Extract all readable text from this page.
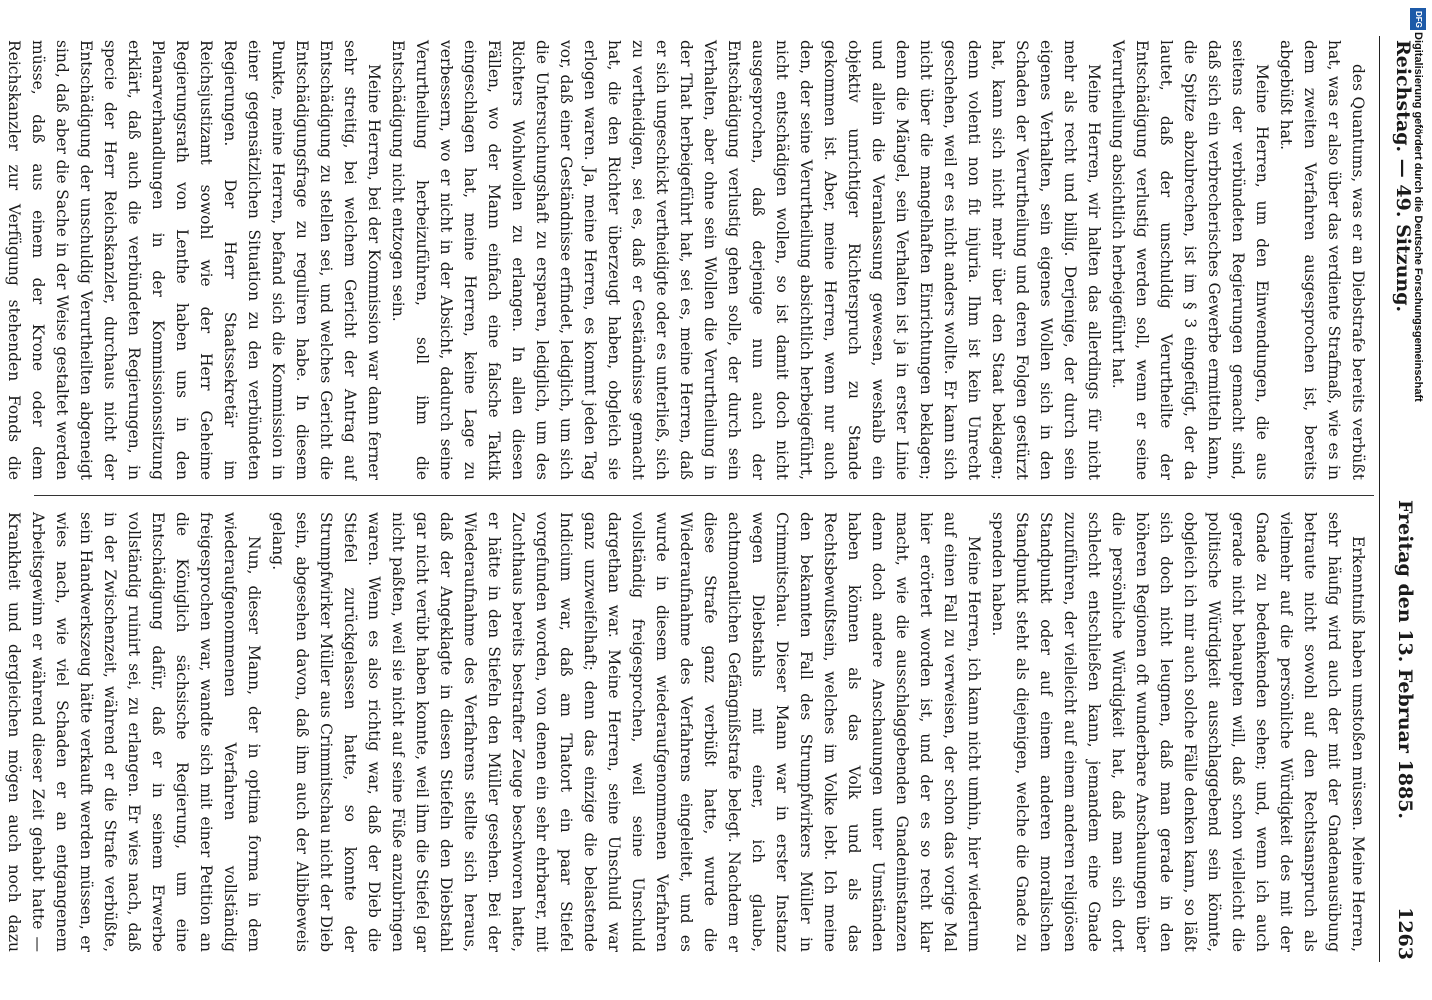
Reichstag. — 49. Sitzung.
Freitag den 13. Februar 1885.
1263

des Quantums, was er an Diebstrafe bereits verbüßt hat, was er also über das verdiente Strafmaß, wie es in dem zweiten Verfahren ausgesprochen ist, bereits abgebüßt hat.

Meine Herren, um den Einwendungen, die aus seitens der verbündeten Regierungen gemacht sind, daß sich ein verbrecherisches Gewerbe ermitteln kann, die Spitze abzubrechen, ist im § 3 eingefügt, der da lautet, daß der unschuldig Verurtheilte der Entschädigung verlustig werden soll, wenn er seine Verurtheilung absichtlich herbeigeführt hat.

Meine Herren, wir halten das allerdings für nicht mehr als recht und billig. Derjenige, der durch sein eigenes Verhalten, sein eigenes Wollen sich in den Schaden der Verurtheilung und deren Folgen gestürzt hat, kann sich nicht mehr über den Staat beklagen; denn volenti non fit injuria. Ihm ist kein Unrecht geschehen, weil er es nicht anders wollte. Er kann sich nicht über die mangelhaften Einrichtungen beklagen; denn die Mängel, sein Verhalten ist ja in erster Linie und allein die Veranlassung gewesen, weshalb ein objektiv unrichtiger Richterspruch zu Stande gekommen ist. Aber, meine Herren, wenn nur auch den, der seine Verurtheilung absichtlich herbeigeführt, nicht entschädigen wollen, so ist damit doch nicht ausgesprochen, daß derjenige nun auch der Entschädigung verlustig gehen solle, der durch sein Verhalten, aber ohne sein Wollen die Verurtheilung in der That herbeigeführt hat, sei es, meine Herren, daß er sich ungeschickt vertheidigte oder es unterließ, sich zu vertheidigen, sei es, daß er Geständnisse gemacht hat, die den Richter überzeugt haben, obgleich sie erlogen waren. Ja, meine Herren, es kommt jeden Tag vor, daß einer Geständnisse erfindet, lediglich, um sich die Untersuchungshaft zu ersparen, lediglich, um des Richters Wohlwollen zu erlangen. In allen diesen Fällen, wo der Mann einfach eine falsche Taktik eingeschlagen hat, meine Herren, keine Lage zu verbessern, wo er nicht in der Absicht, dadurch seine Verurtheilung herbeizuführen, soll ihm die Entschädigung nicht entzogen sein.

Meine Herren, bei der Kommission war dann ferner sehr streitig, bei welchem Gericht der Antrag auf Entschädigung zu stellen sei, und welches Gericht die Entschädigungsfrage zu reguliren habe. In diesem Punkte, meine Herren, befand sich die Kommission in einer gegensätzlichen Situation zu den verbündeten Regierungen. Der Herr Staatssekretär im Reichsjustizamt sowohl wie der Herr Geheime Regierungsrath von Lenthe haben uns in den Plenarverhandlungen in der Kommissionssitzung erklärt, daß auch die verbündeten Regierungen, in specie der Herr Reichskanzler, durchaus nicht der Entschädigung der unschuldig Verurtheilten abgeneigt sind, daß aber die Sache in der Weise gestaltet werden müsse, daß aus einem der Krone oder dem Reichskanzler zur Verfügung stehenden Fonds die

Erkenntniß haben umstoßen müssen. Meine Herren, sehr häufig wird auch der mit der Gnadenausübung betraute nicht sowohl auf den Rechtsanspruch als vielmehr auf die persönliche Würdigkeit des mit der Gnade zu bedenkenden sehen; und, wenn ich auch gerade nicht behaupten will, daß schon vielleicht die politische Würdigkeit ausschlaggebend sein könnte, obgleich ich mir auch solche Fälle denken kann, so läßt sich doch nicht leugnen, daß man gerade in den höheren Regionen oft wunderbare Anschauungen über die persönliche Würdigkeit hat, daß man sich dort schlecht entschließen kann, jemandem eine Gnade zuzuführen, der vielleicht auf einem anderen religiösen Standpunkt oder auf einem anderen moralischen Standpunkt steht als diejenigen, welche die Gnade zu spenden haben.

Meine Herren, ich kann nicht umhin, hier wiederum auf einen Fall zu verweisen, der schon das vorige Mal hier erörtert worden ist, und der es so recht klar macht, wie die ausschlaggebenden Gnadeninstanzen denn doch andere Anschauungen unter Umständen haben können als das Volk und als das Rechtsbewußtsein, welches im Volke lebt. Ich meine den bekannten Fall des Strumpfwirkers Müller in Crimmitschau. Dieser Mann war in erster Instanz wegen Diebstahls mit einer, ich glaube, achtmonatlichen Gefängnißstrafe belegt. Nachdem er diese Strafe ganz verbüßt hatte, wurde die Wiederaufnahme des Verfahrens eingeleitet, und es wurde in diesem wiederaufgenommenen Verfahren vollständig freigesprochen, weil seine Unschuld dargethan war. Meine Herren, seine Unschuld war ganz unzweifelhaft; denn das einzige die belastende Indicium war, daß am Thatort ein paar Stiefel vorgefunden worden, von denen ein sehr ehrbarer, mit Zuchthaus bereits bestrafter Zeuge beschworen hatte, er hätte in den Stiefeln den Müller gesehen. Bei der Wiederaufnahme des Verfahrens stellte sich heraus, daß der Angeklagte in diesen Stiefeln den Diebstahl gar nicht verübt haben konnte, weil ihm die Stiefel gar nicht paßten, weil sie nicht auf seine Füße anzubringen waren. Wenn es also richtig war, daß der Dieb die Stiefel zurückgelassen hatte, so konnte der Strumpfwirker Müller aus Crimmitschau nicht der Dieb sein, abgesehen davon, daß ihm auch der Alibibeweis gelang.

Nun, dieser Mann, der in optima forma in dem wiederaufgenommenen Verfahren vollständig freigesprochen war, wandte sich mit einer Petition an die Königlich sächsische Regierung, um eine Entschädigung dafür, daß er in seinem Erwerbe vollständig ruinirt sei, zu erlangen. Er wies nach, daß in der Zwischenzeit, während er die Strafe verbüßte, sein Handwerkszeug hätte verkauft werden müssen, er wies nach, wie viel Schaden er an entgangenem Arbeitsgewinn er während dieser Zeit gehabt hatte — Krankheit und dergleichen mögen auch noch dazu

DFG
Digitalisierung gefördert durch die Deutsche Forschungsgemeinschaft
